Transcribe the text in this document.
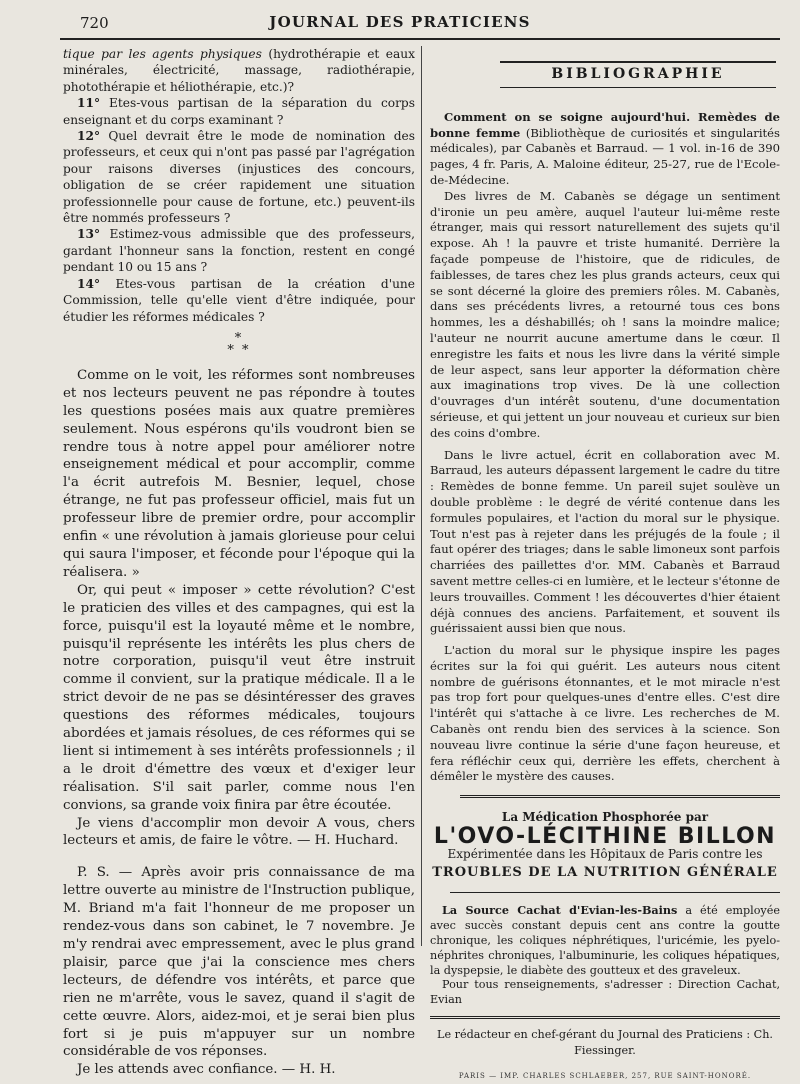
720	JOURNAL DES PRATICIENS

tique par les agents physiques (hydrothérapie et eaux minérales, électricité, massage, radiothérapie, photothérapie et héliothérapie, etc.)?

11° Etes-vous partisan de la séparation du corps enseignant et du corps examinant ?

12° Quel devrait être le mode de nomination des professeurs, et ceux qui n'ont pas passé par l'agrégation pour raisons diverses (injustices des concours, obligation de se créer rapidement une situation professionnelle pour cause de fortune, etc.) peuvent-ils être nommés professeurs ?

13° Estimez-vous admissible que des professeurs, gardant l'honneur sans la fonction, restent en congé pendant 10 ou 15 ans ?

14° Etes-vous partisan de la création d'une Commission, telle qu'elle vient d'être indiquée, pour étudier les réformes médicales ?

*
* *

Comme on le voit, les réformes sont nombreuses et nos lecteurs peuvent ne pas répondre à toutes les questions posées mais aux quatre premières seulement. Nous espérons qu'ils voudront bien se rendre tous à notre appel pour améliorer notre enseignement médical et pour accomplir, comme l'a écrit autrefois M. Besnier, lequel, chose étrange, ne fut pas professeur officiel, mais fut un professeur libre de premier ordre, pour accomplir enfin « une révolution à jamais glorieuse pour celui qui saura l'imposer, et féconde pour l'époque qui la réalisera. »

Or, qui peut « imposer » cette révolution? C'est le praticien des villes et des campagnes, qui est la force, puisqu'il est la loyauté même et le nombre, puisqu'il représente les intérêts les plus chers de notre corporation, puisqu'il veut être instruit comme il convient, sur la pratique médicale. Il a le strict devoir de ne pas se désintéresser des graves questions des réformes médicales, toujours abordées et jamais résolues, de ces réformes qui se lient si intimement à ses intérêts professionnels ; il a le droit d'émettre des vœux et d'exiger leur réalisation. S'il sait parler, comme nous l'en convions, sa grande voix finira par être écoutée.

Je viens d'accomplir mon devoir A vous, chers lecteurs et amis, de faire le vôtre. — H. Huchard.

P. S. — Après avoir pris connaissance de ma lettre ouverte au ministre de l'Instruction publique, M. Briand m'a fait l'honneur de me proposer un rendez-vous dans son cabinet, le 7 novembre. Je m'y rendrai avec empressement, avec le plus grand plaisir, parce que j'ai la conscience mes chers lecteurs, de défendre vos intérêts, et parce que rien ne m'arrête, vous le savez, quand il s'agit de cette œuvre. Alors, aidez-moi, et je serai bien plus fort si je puis m'appuyer sur un nombre considérable de vos réponses.

Je les attends avec confiance. — H. H.

BIBLIOGRAPHIE

Comment on se soigne aujourd'hui. Remèdes de bonne femme (Bibliothèque de curiosités et singularités médicales), par Cabanès et Barraud. — 1 vol. in-16 de 390 pages, 4 fr. Paris, A. Maloine éditeur, 25-27, rue de l'Ecole-de-Médecine.

Des livres de M. Cabanès se dégage un sentiment d'ironie un peu amère, auquel l'auteur lui-même reste étranger, mais qui ressort naturellement des sujets qu'il expose. Ah ! la pauvre et triste humanité. Derrière la façade pompeuse de l'histoire, que de ridicules, de faiblesses, de tares chez les plus grands acteurs, ceux qui se sont décerné la gloire des premiers rôles. M. Cabanès, dans ses précédents livres, a retourné tous ces bons hommes, les a déshabillés; oh ! sans la moindre malice; l'auteur ne nourrit aucune amertume dans le cœur. Il enregistre les faits et nous les livre dans la vérité simple de leur aspect, sans leur apporter la déformation chère aux imaginations trop vives. De là une collection d'ouvrages d'un intérêt soutenu, d'une documentation sérieuse, et qui jettent un jour nouveau et curieux sur bien des coins d'ombre.

Dans le livre actuel, écrit en collaboration avec M. Barraud, les auteurs dépassent largement le cadre du titre : Remèdes de bonne femme. Un pareil sujet soulève un double problème : le degré de vérité contenue dans les formules populaires, et l'action du moral sur le physique. Tout n'est pas à rejeter dans les préjugés de la foule ; il faut opérer des triages; dans le sable limoneux sont parfois charriées des paillettes d'or. MM. Cabanès et Barraud savent mettre celles-ci en lumière, et le lecteur s'étonne de leurs trouvailles. Comment ! les découvertes d'hier étaient déjà connues des anciens. Parfaitement, et souvent ils guérissaient aussi bien que nous.

L'action du moral sur le physique inspire les pages écrites sur la foi qui guérit. Les auteurs nous citent nombre de guérisons étonnantes, et le mot miracle n'est pas trop fort pour quelques-unes d'entre elles. C'est dire l'intérêt qui s'attache à ce livre. Les recherches de M. Cabanès ont rendu bien des services à la science. Son nouveau livre continue la série d'une façon heureuse, et fera réfléchir ceux qui, derrière les effets, cherchent à démêler le mystère des causes.

La Médication Phosphorée par
L'OVO-LÉCITHINE BILLON
Expérimentée dans les Hôpitaux de Paris contre les
TROUBLES DE LA NUTRITION GÉNÉRALE

La Source Cachat d'Evian-les-Bains a été employée avec succès constant depuis cent ans contre la goutte chronique, les coliques néphrétiques, l'uricémie, les pyelo-néphrites chroniques, l'albuminurie, les coliques hépatiques, la dyspepsie, le diabète des goutteux et des graveleux.

Pour tous renseignements, s'adresser : Direction Cachat, Evian

Le rédacteur en chef-gérant du Journal des Praticiens : Ch. Fiessinger.
PARIS — IMP. CHARLES SCHLAEBER, 257, RUE SAINT-HONORÉ.
